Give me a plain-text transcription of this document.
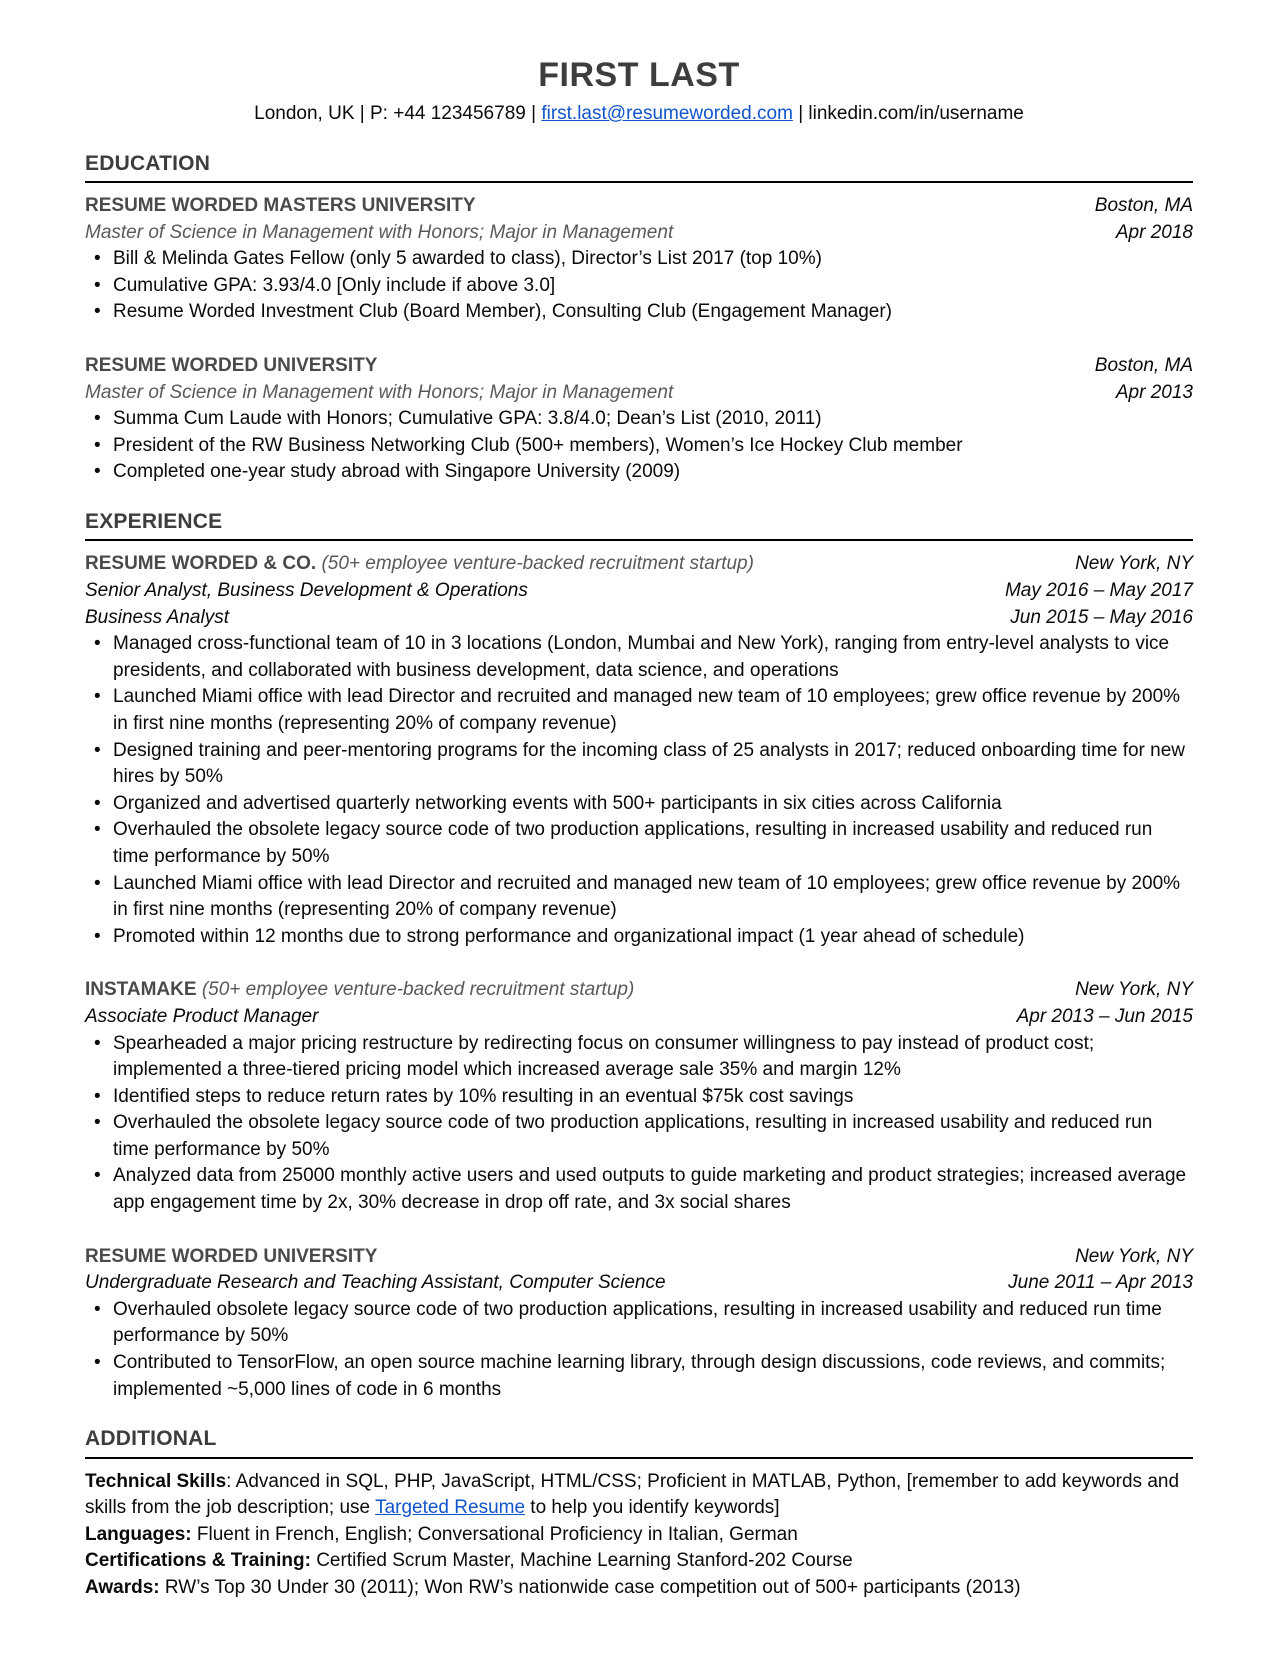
FIRST LAST
London, UK | P: +44 123456789 | first.last@resumeworded.com | linkedin.com/in/username
EDUCATION
RESUME WORDED MASTERS UNIVERSITY	Boston, MA
Master of Science in Management with Honors; Major in Management	Apr 2018
• Bill & Melinda Gates Fellow (only 5 awarded to class), Director’s List 2017 (top 10%)
• Cumulative GPA: 3.93/4.0 [Only include if above 3.0]
• Resume Worded Investment Club (Board Member), Consulting Club (Engagement Manager)
RESUME WORDED UNIVERSITY	Boston, MA
Master of Science in Management with Honors; Major in Management	Apr 2013
• Summa Cum Laude with Honors; Cumulative GPA: 3.8/4.0; Dean’s List (2010, 2011)
• President of the RW Business Networking Club (500+ members), Women’s Ice Hockey Club member
• Completed one-year study abroad with Singapore University (2009)
EXPERIENCE
RESUME WORDED & CO. (50+ employee venture-backed recruitment startup)	New York, NY
Senior Analyst, Business Development & Operations	May 2016 – May 2017
Business Analyst	Jun 2015 – May 2016
• Managed cross-functional team of 10 in 3 locations (London, Mumbai and New York), ranging from entry-level analysts to vice presidents, and collaborated with business development, data science, and operations
• Launched Miami office with lead Director and recruited and managed new team of 10 employees; grew office revenue by 200% in first nine months (representing 20% of company revenue)
• Designed training and peer-mentoring programs for the incoming class of 25 analysts in 2017; reduced onboarding time for new hires by 50%
• Organized and advertised quarterly networking events with 500+ participants in six cities across California
• Overhauled the obsolete legacy source code of two production applications, resulting in increased usability and reduced run time performance by 50%
• Launched Miami office with lead Director and recruited and managed new team of 10 employees; grew office revenue by 200% in first nine months (representing 20% of company revenue)
• Promoted within 12 months due to strong performance and organizational impact (1 year ahead of schedule)
INSTAMAKE (50+ employee venture-backed recruitment startup)	New York, NY
Associate Product Manager	Apr 2013 – Jun 2015
• Spearheaded a major pricing restructure by redirecting focus on consumer willingness to pay instead of product cost; implemented a three-tiered pricing model which increased average sale 35% and margin 12%
• Identified steps to reduce return rates by 10% resulting in an eventual $75k cost savings
• Overhauled the obsolete legacy source code of two production applications, resulting in increased usability and reduced run time performance by 50%
• Analyzed data from 25000 monthly active users and used outputs to guide marketing and product strategies; increased average app engagement time by 2x, 30% decrease in drop off rate, and 3x social shares
RESUME WORDED UNIVERSITY	New York, NY
Undergraduate Research and Teaching Assistant, Computer Science	June 2011 – Apr 2013
• Overhauled obsolete legacy source code of two production applications, resulting in increased usability and reduced run time performance by 50%
• Contributed to TensorFlow, an open source machine learning library, through design discussions, code reviews, and commits; implemented ~5,000 lines of code in 6 months
ADDITIONAL
Technical Skills: Advanced in SQL, PHP, JavaScript, HTML/CSS; Proficient in MATLAB, Python, [remember to add keywords and skills from the job description; use Targeted Resume to help you identify keywords]
Languages: Fluent in French, English; Conversational Proficiency in Italian, German
Certifications & Training: Certified Scrum Master, Machine Learning Stanford-202 Course
Awards: RW’s Top 30 Under 30 (2011); Won RW’s nationwide case competition out of 500+ participants (2013)
